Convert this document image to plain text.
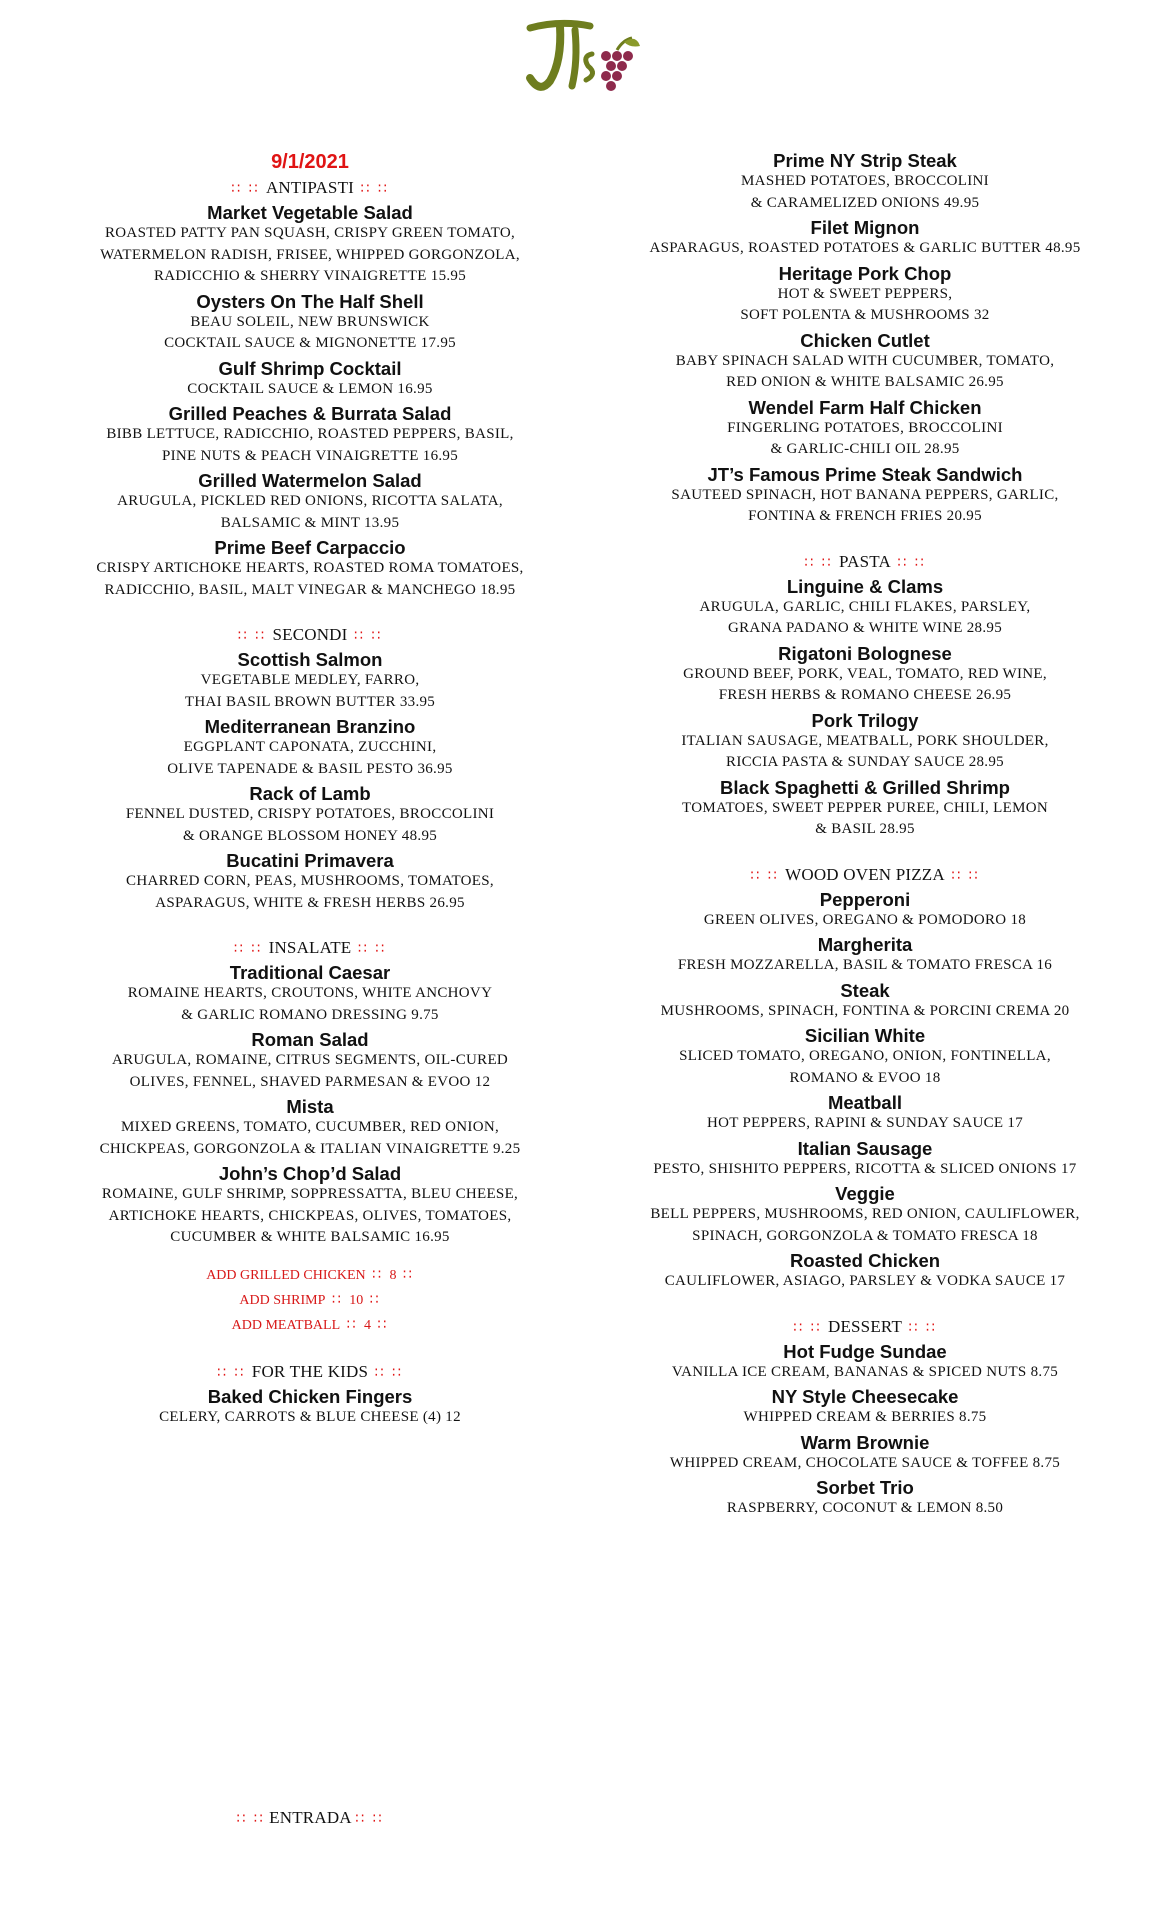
9/1/2021
∷ ∷ ANTIPASTI ∷ ∷
Market Vegetable Salad
ROASTED PATTY PAN SQUASH, CRISPY GREEN TOMATO,
WATERMELON RADISH, FRISEE, WHIPPED GORGONZOLA,
RADICCHIO & SHERRY VINAIGRETTE 15.95
Oysters On The Half Shell
BEAU SOLEIL, NEW BRUNSWICK
COCKTAIL SAUCE & MIGNONETTE 17.95
Gulf Shrimp Cocktail
COCKTAIL SAUCE & LEMON 16.95
Grilled Peaches & Burrata Salad
BIBB LETTUCE, RADICCHIO, ROASTED PEPPERS, BASIL,
PINE NUTS & PEACH VINAIGRETTE 16.95
Grilled Watermelon Salad
ARUGULA, PICKLED RED ONIONS, RICOTTA SALATA,
BALSAMIC & MINT 13.95
Prime Beef Carpaccio
CRISPY ARTICHOKE HEARTS, ROASTED ROMA TOMATOES,
RADICCHIO, BASIL, MALT VINEGAR & MANCHEGO 18.95
∷ ∷ SECONDI ∷ ∷
Scottish Salmon
VEGETABLE MEDLEY, FARRO,
THAI BASIL BROWN BUTTER 33.95
Mediterranean Branzino
EGGPLANT CAPONATA, ZUCCHINI,
OLIVE TAPENADE & BASIL PESTO 36.95
Rack of Lamb
FENNEL DUSTED, CRISPY POTATOES, BROCCOLINI
& ORANGE BLOSSOM HONEY 48.95
Bucatini Primavera
CHARRED CORN, PEAS, MUSHROOMS, TOMATOES,
ASPARAGUS, WHITE & FRESH HERBS 26.95
∷ ∷ INSALATE ∷ ∷
Traditional Caesar
ROMAINE HEARTS, CROUTONS, WHITE ANCHOVY
& GARLIC ROMANO DRESSING 9.75
Roman Salad
ARUGULA, ROMAINE, CITRUS SEGMENTS, OIL-CURED
OLIVES, FENNEL, SHAVED PARMESAN & EVOO 12
Mista
MIXED GREENS, TOMATO, CUCUMBER, RED ONION,
CHICKPEAS, GORGONZOLA & ITALIAN VINAIGRETTE 9.25
John’s Chop’d Salad
ROMAINE, GULF SHRIMP, SOPPRESSATTA, BLEU CHEESE,
ARTICHOKE HEARTS, CHICKPEAS, OLIVES, TOMATOES,
CUCUMBER & WHITE BALSAMIC 16.95
ADD GRILLED CHICKEN ∷ 8 ∷
ADD SHRIMP ∷ 10 ∷
ADD MEATBALL ∷ 4 ∷
∷ ∷ FOR THE KIDS ∷ ∷
Baked Chicken Fingers
CELERY, CARROTS & BLUE CHEESE (4) 12
Prime NY Strip Steak
MASHED POTATOES, BROCCOLINI
& CARAMELIZED ONIONS 49.95
Filet Mignon
ASPARAGUS, ROASTED POTATOES & GARLIC BUTTER 48.95
Heritage Pork Chop
HOT & SWEET PEPPERS,
SOFT POLENTA & MUSHROOMS 32
Chicken Cutlet
BABY SPINACH SALAD WITH CUCUMBER, TOMATO,
RED ONION & WHITE BALSAMIC 26.95
Wendel Farm Half Chicken
FINGERLING POTATOES, BROCCOLINI
& GARLIC-CHILI OIL 28.95
JT’s Famous Prime Steak Sandwich
SAUTEED SPINACH, HOT BANANA PEPPERS, GARLIC,
FONTINA & FRENCH FRIES 20.95
∷ ∷ PASTA ∷ ∷
Linguine & Clams
ARUGULA, GARLIC, CHILI FLAKES, PARSLEY,
GRANA PADANO & WHITE WINE 28.95
Rigatoni Bolognese
GROUND BEEF, PORK, VEAL, TOMATO, RED WINE,
FRESH HERBS & ROMANO CHEESE 26.95
Pork Trilogy
ITALIAN SAUSAGE, MEATBALL, PORK SHOULDER,
RICCIA PASTA & SUNDAY SAUCE 28.95
Black Spaghetti & Grilled Shrimp
TOMATOES, SWEET PEPPER PUREE, CHILI, LEMON
& BASIL 28.95
∷ ∷ WOOD OVEN PIZZA ∷ ∷
Pepperoni
GREEN OLIVES, OREGANO & POMODORO 18
Margherita
FRESH MOZZARELLA, BASIL & TOMATO FRESCA 16
Steak
MUSHROOMS, SPINACH, FONTINA & PORCINI CREMA 20
Sicilian White
SLICED TOMATO, OREGANO, ONION, FONTINELLA,
ROMANO & EVOO 18
Meatball
HOT PEPPERS, RAPINI & SUNDAY SAUCE 17
Italian Sausage
PESTO, SHISHITO PEPPERS, RICOTTA & SLICED ONIONS 17
Veggie
BELL PEPPERS, MUSHROOMS, RED ONION, CAULIFLOWER,
SPINACH, GORGONZOLA & TOMATO FRESCA 18
Roasted Chicken
CAULIFLOWER, ASIAGO, PARSLEY & VODKA SAUCE 17
∷ ∷ DESSERT ∷ ∷
Hot Fudge Sundae
VANILLA ICE CREAM, BANANAS & SPICED NUTS 8.75
NY Style Cheesecake
WHIPPED CREAM & BERRIES 8.75
Warm Brownie
WHIPPED CREAM, CHOCOLATE SAUCE & TOFFEE 8.75
Sorbet Trio
RASPBERRY, COCONUT & LEMON 8.50
∷ ∷ ENTRADA ∷ ∷
